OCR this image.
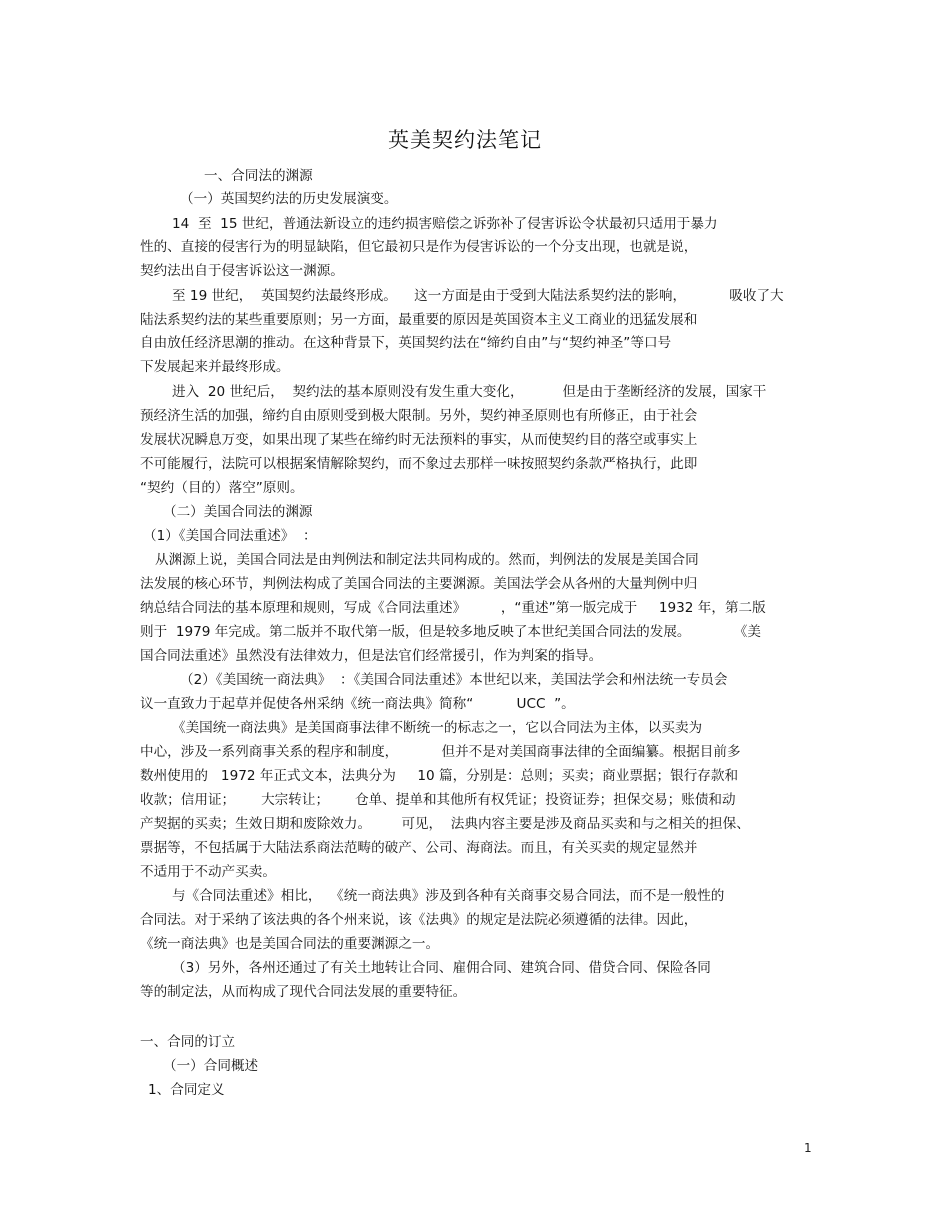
英美契约法笔记
一、合同法的渊源
（一）英国契约法的历史发展演变。
14  至  15 世纪，普通法新设立的违约损害赔偿之诉弥补了侵害诉讼令状最初只适用于暴力
性的、直接的侵害行为的明显缺陷，但它最初只是作为侵害诉讼的一个分支出现，也就是说，
契约法出自于侵害诉讼这一渊源。
至 19 世纪，  英国契约法最终形成。    这一方面是由于受到大陆法系契约法的影响，          吸收了大
陆法系契约法的某些重要原则；另一方面，最重要的原因是英国资本主义工商业的迅猛发展和
自由放任经济思潮的推动。在这种背景下，英国契约法在“缔约自由”与“契约神圣”等口号
下发展起来并最终形成。
进入  20 世纪后，  契约法的基本原则没有发生重大变化，         但是由于垄断经济的发展，国家干
预经济生活的加强，缔约自由原则受到极大限制。另外，契约神圣原则也有所修正，由于社会
发展状况瞬息万变，如果出现了某些在缔约时无法预料的事实，从而使契约目的落空或事实上
不可能履行，法院可以根据案情解除契约，而不象过去那样一味按照契约条款严格执行，此即
“契约（目的）落空”原则。
（二）美国合同法的渊源
（1）《美国合同法重述》  ：
从渊源上说，美国合同法是由判例法和制定法共同构成的。然而，判例法的发展是美国合同
法发展的核心环节，判例法构成了美国合同法的主要渊源。美国法学会从各州的大量判例中归
纳总结合同法的基本原理和规则，写成《合同法重述》        ，“重述”第一版完成于     1932 年，第二版
则于  1979 年完成。第二版并不取代第一版，但是较多地反映了本世纪美国合同法的发展。          《美
国合同法重述》虽然没有法律效力，但是法官们经常援引，作为判案的指导。
（2）《美国统一商法典》  ：《美国合同法重述》本世纪以来，美国法学会和州法统一专员会
议一直致力于起草并促使各州采纳《统一商法典》简称“          UCC  ”。
《美国统一商法典》是美国商事法律不断统一的标志之一，它以合同法为主体，以买卖为
中心，涉及一系列商事关系的程序和制度，          但并不是对美国商事法律的全面编纂。根据目前多
数州使用的   1972 年正式文本，法典分为     10 篇，分别是：总则；买卖；商业票据；银行存款和
收款；信用证；      大宗转让；      仓单、提单和其他所有权凭证；投资证券；担保交易；账债和动
产契据的买卖；生效日期和废除效力。       可见，  法典内容主要是涉及商品买卖和与之相关的担保、
票据等，不包括属于大陆法系商法范畴的破产、公司、海商法。而且，有关买卖的规定显然并
不适用于不动产买卖。
与《合同法重述》相比，  《统一商法典》涉及到各种有关商事交易合同法，而不是一般性的
合同法。对于采纳了该法典的各个州来说，该《法典》的规定是法院必须遵循的法律。因此，
《统一商法典》也是美国合同法的重要渊源之一。
（3）另外，各州还通过了有关土地转让合同、雇佣合同、建筑合同、借贷合同、保险各同
等的制定法，从而构成了现代合同法发展的重要特征。
一、合同的订立
（一）合同概述
1、合同定义
1
